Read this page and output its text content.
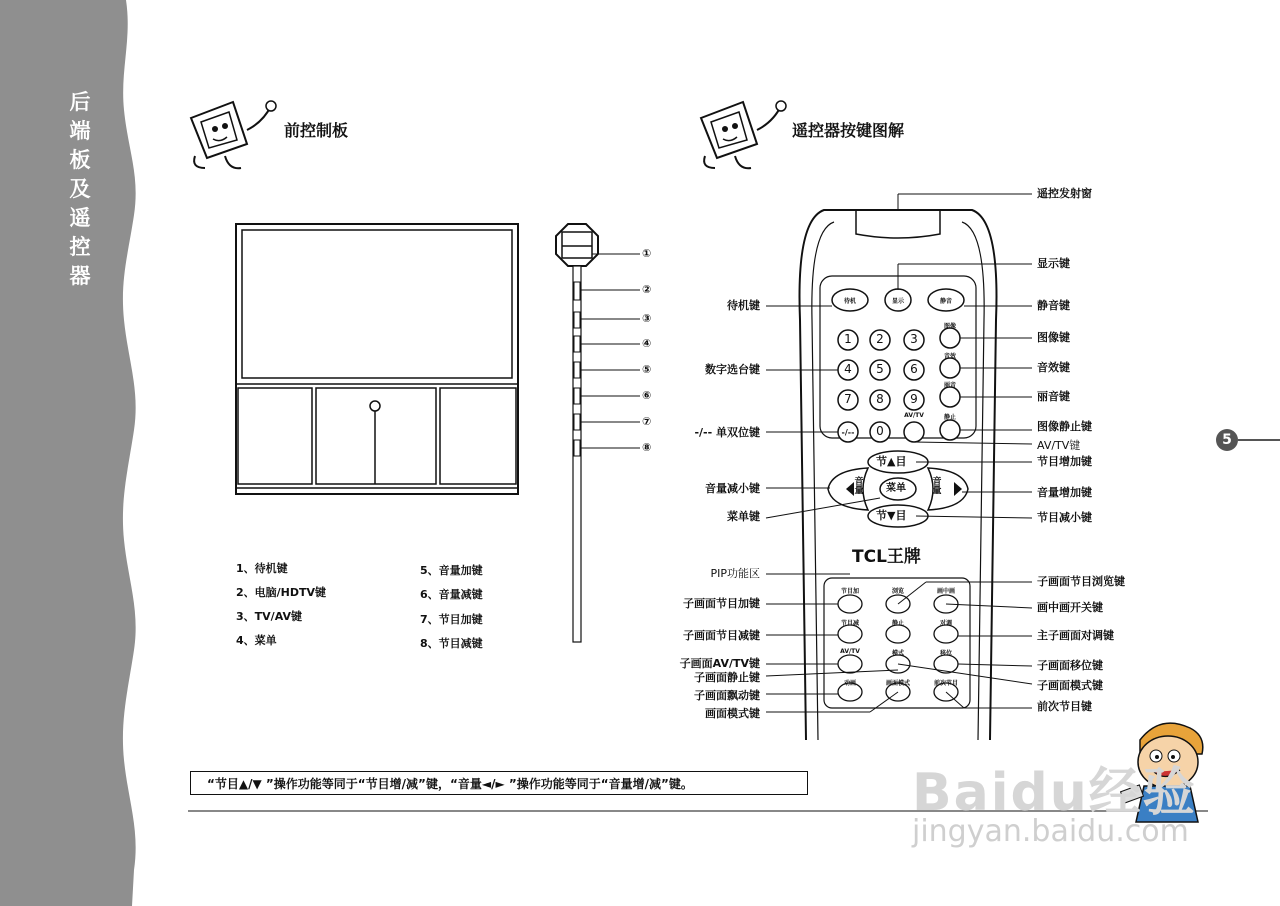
后
端
板
及
遥
控
器
前控制板	遥控器按键图解
①
②
③
④
⑤
⑥
⑦
⑧
1、待机键
2、电脑/HDTV键
3、TV/AV键
4、菜单
5、音量加键
6、音量减键
7、节目加键
8、节目减键
待机	显示	静音
图像
音效
丽音
静止
AV/TV
1	2	3
4	5	6
7	8	9
0
-/--
节▲目
节▼目
菜单
音量
音量
TCL王牌
节目加	浏览	画中画
节目减	静止	对调
AV/TV	模式	移位
动画	画面模式	前次节目
待机键
数字选台键
-/-- 单双位键
音量减小键
菜单键
PIP功能区
子画面节目加键
子画面节目减键
子画面AV/TV键
子画面静止键
子画面飘动键
画面模式键
遥控发射窗
显示键
静音键
图像键
音效键
丽音键
图像静止键
AV/TV键
节目增加键
音量增加键
节目减小键
子画面节目浏览键
画中画开关键
主子画面对调键
子画面移位键
子画面模式键
前次节目键
5
“节目▲/▼ ”操作功能等同于“节目增/减”键，“音量◄/► ”操作功能等同于“音量增/减”键。	Baidu经验
jingyan.baidu.com
